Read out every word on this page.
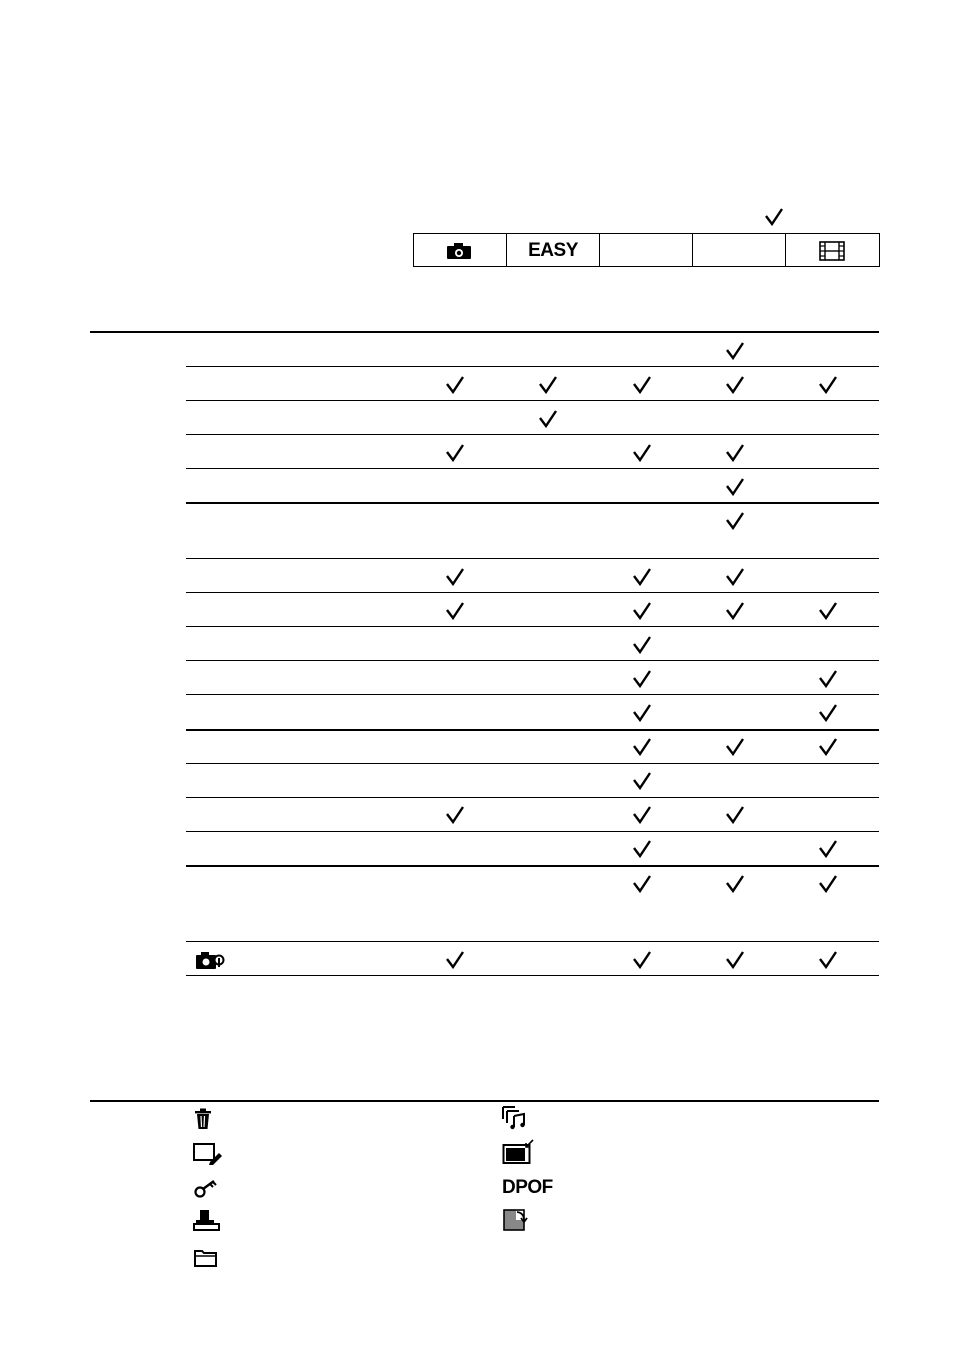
EASY
DPOF
